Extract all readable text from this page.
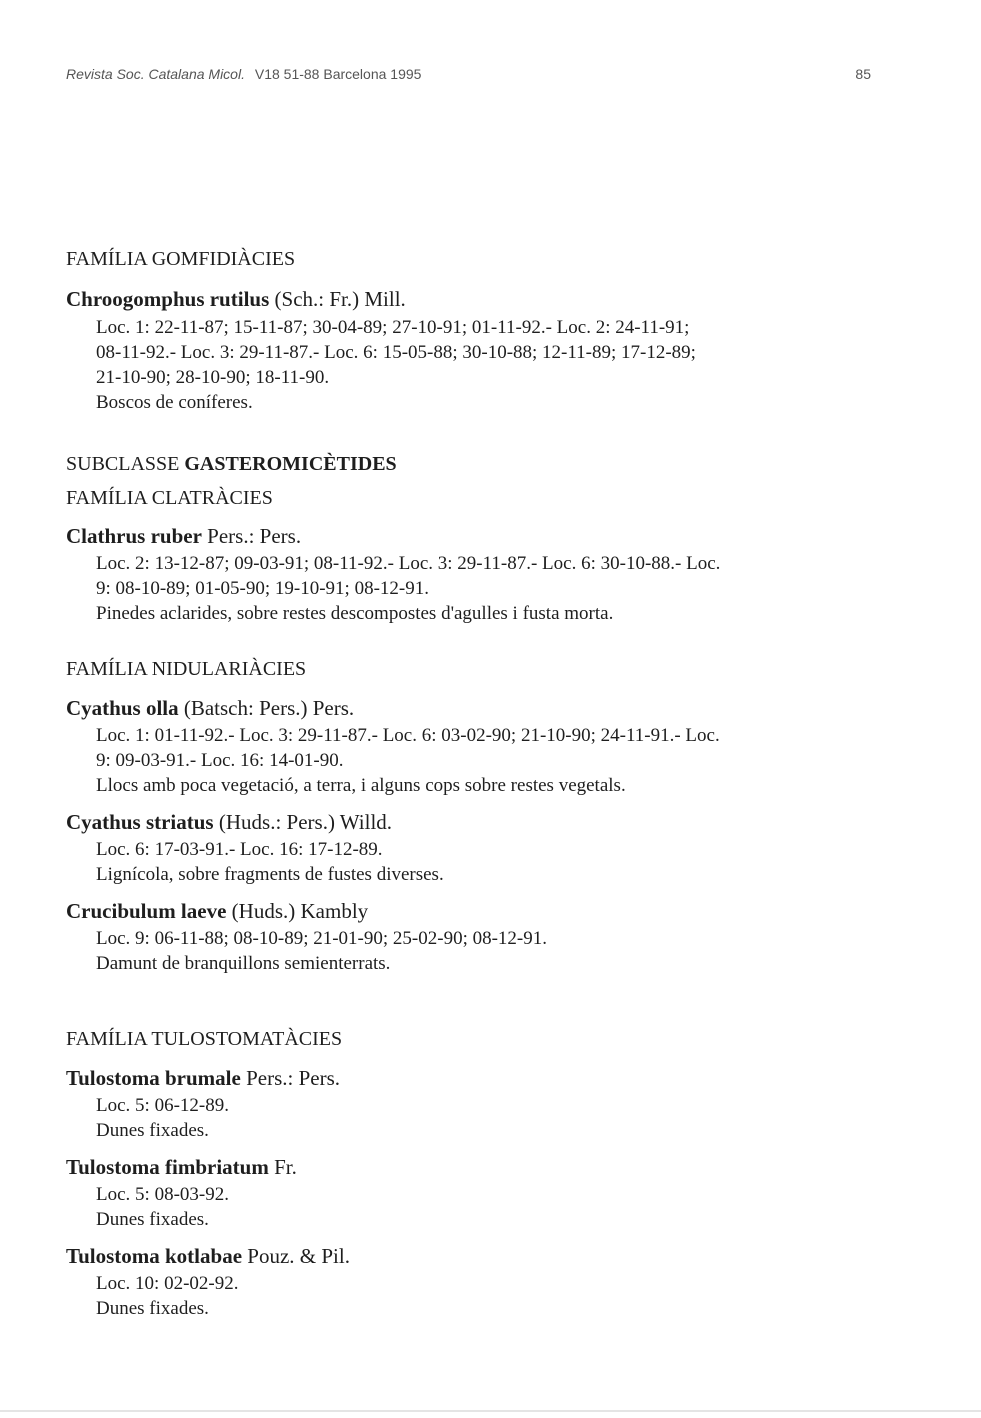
Revista Soc. Catalana Micol. V18 51-88 Barcelona 1995	85
FAMÍLIA GOMFIDIÀCIES
Chroogomphus rutilus (Sch.: Fr.) Mill.
Loc. 1: 22-11-87; 15-11-87; 30-04-89; 27-10-91; 01-11-92.- Loc. 2: 24-11-91;
08-11-92.- Loc. 3: 29-11-87.- Loc. 6: 15-05-88; 30-10-88; 12-11-89; 17-12-89;
21-10-90; 28-10-90; 18-11-90.
Boscos de coníferes.
SUBCLASSE GASTEROMICÈTIDES
FAMÍLIA CLATRÀCIES
Clathrus ruber Pers.: Pers.
Loc. 2: 13-12-87; 09-03-91; 08-11-92.- Loc. 3: 29-11-87.- Loc. 6: 30-10-88.- Loc.
9: 08-10-89; 01-05-90; 19-10-91; 08-12-91.
Pinedes aclarides, sobre restes descompostes d'agulles i fusta morta.
FAMÍLIA NIDULARIÀCIES
Cyathus olla (Batsch: Pers.) Pers.
Loc. 1: 01-11-92.- Loc. 3: 29-11-87.- Loc. 6: 03-02-90; 21-10-90; 24-11-91.- Loc.
9: 09-03-91.- Loc. 16: 14-01-90.
Llocs amb poca vegetació, a terra, i alguns cops sobre restes vegetals.
Cyathus striatus (Huds.: Pers.) Willd.
Loc. 6: 17-03-91.- Loc. 16: 17-12-89.
Lignícola, sobre fragments de fustes diverses.
Crucibulum laeve (Huds.) Kambly
Loc. 9: 06-11-88; 08-10-89; 21-01-90; 25-02-90; 08-12-91.
Damunt de branquillons semienterrats.
FAMÍLIA TULOSTOMATÀCIES
Tulostoma brumale Pers.: Pers.
Loc. 5: 06-12-89.
Dunes fixades.
Tulostoma fimbriatum Fr.
Loc. 5: 08-03-92.
Dunes fixades.
Tulostoma kotlabae Pouz. & Pil.
Loc. 10: 02-02-92.
Dunes fixades.
